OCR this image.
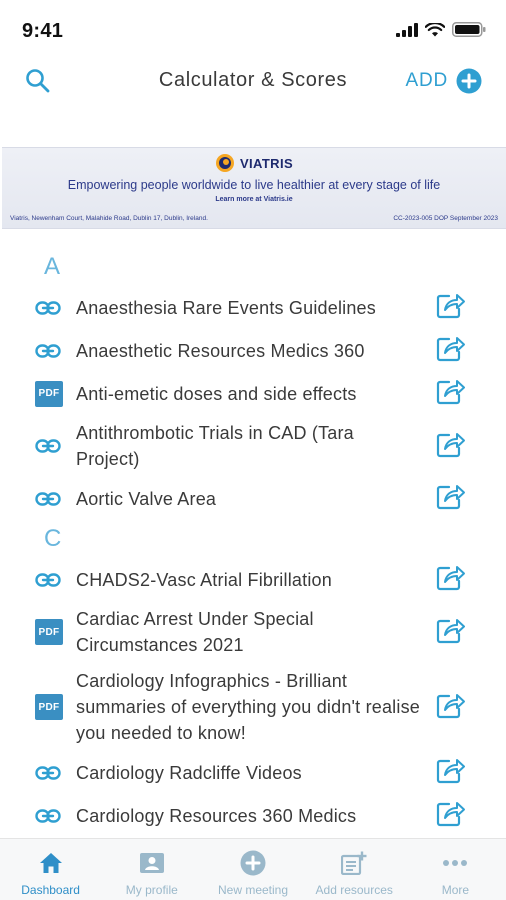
9:41
Calculator & Scores	ADD
VIATRIS
Empowering people worldwide to live healthier at every stage of life
Learn more at Viatris.ie
Viatris, Newenham Court, Malahide Road, Dublin 17, Dublin, Ireland.	CC-2023-005 DOP September 2023
A
Anaesthesia Rare Events Guidelines
Anaesthetic Resources Medics 360
PDF Anti-emetic doses and side effects
Antithrombotic Trials in CAD (Tara Project)
Aortic Valve Area
C
CHADS2-Vasc Atrial Fibrillation
PDF
Cardiac Arrest Under Special Circumstances 2021
PDF
Cardiology Infographics - Brilliant summaries of everything you didn't realise you needed to know!
Cardiology Radcliffe Videos
Cardiology Resources 360 Medics
Dashboard	My profile	New meeting Add resources	More
